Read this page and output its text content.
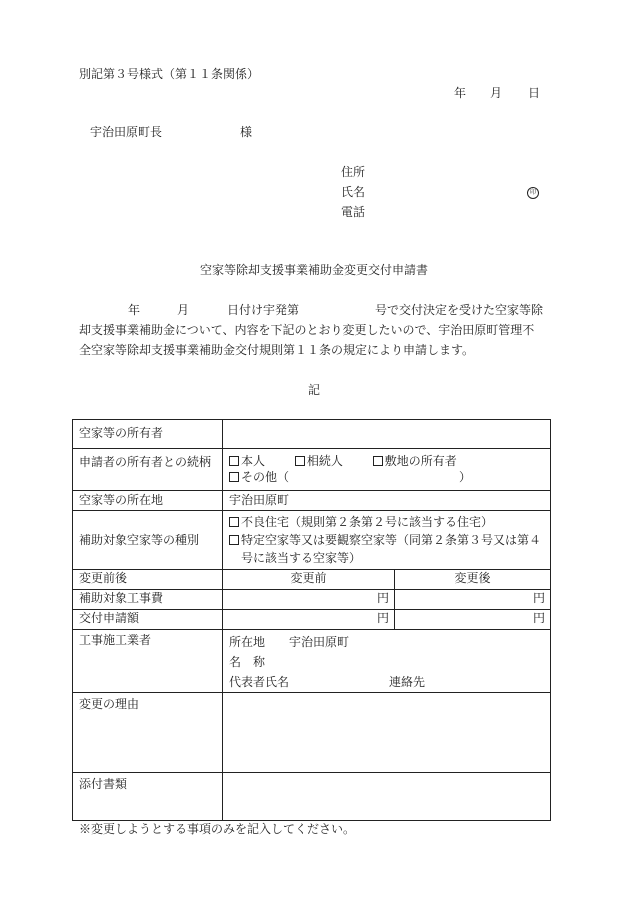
別記第３号様式（第１１条関係）
年 月 日
宇治田原町長	様
住所
氏名	印
電話
空家等除却支援事業補助金変更交付申請書
年	月	日付け宇発第	号で交付決定を受けた空家等除
却支援事業補助金について、内容を下記のとおり変更したいので、宇治田原町管理不
全空家等除却支援事業補助金交付規則第１１条の規定により申請します。
記
空家等の所有者		
申請者の所有者との続柄	本人 相続人 敷地の所有者
その他（ ）	

空家等の所在地	宇治田原町	
補助対象空家等の種別	不良住宅（規則第２条第２号に該当する住宅）
特定空家等又は要観察空家等（同第２条第３号又は第４
号に該当する空家等）	

変更前後	変更前	変更後
補助対象工事費	円	円
交付申請額	円	円
工事施工業者	所在地 宇治田原町
名　称
代表者氏名 連絡先	

変更の理由		
添付書類		
※変更しようとする事項のみを記入してください。
